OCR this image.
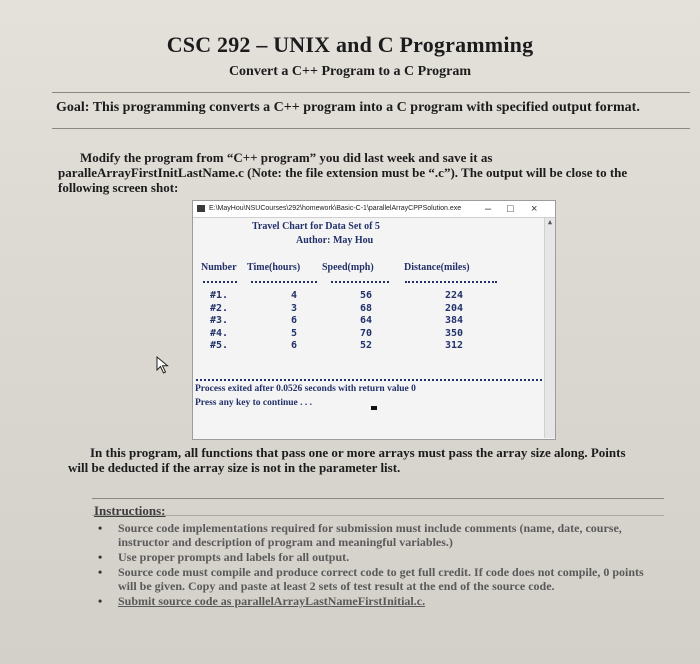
CSC 292 – UNIX and C Programming
Convert a C++ Program to a C Program
Goal: This programming converts a C++ program into a C program with specified output format.
Modify the program from “C++ program” you did last week and save it as paralleArrayFirstInitLastName.c (Note: the file extension must be “.c”). The output will be close to the following screen shot:
E:\MayHou\NSUCourses\292\homework\Basic-C-1\parallelArrayCPPSolution.exe – □ ×
▲
Travel Chart for Data Set of 5
Author: May Hou
Number Time(hours) Speed(mph)	Distance(miles)
#1.
#2.
#3.
#4.
#5.
4
3
6
5
6
56
68
64
70
52
224
204
384
350
312
Process exited after 0.0526 seconds with return value 0
Press any key to continue . . .
In this program, all functions that pass one or more arrays must pass the array size along. Points will be deducted if the array size is not in the parameter list.
Instructions:
• Source code implementations required for submission must include comments (name, date, course, instructor and description of program and meaningful variables.)
• Use proper prompts and labels for all output.
• Source code must compile and produce correct code to get full credit. If code does not compile, 0 points will be given. Copy and paste at least 2 sets of test result at the end of the source code.
• Submit source code as parallelArrayLastNameFirstInitial.c.
